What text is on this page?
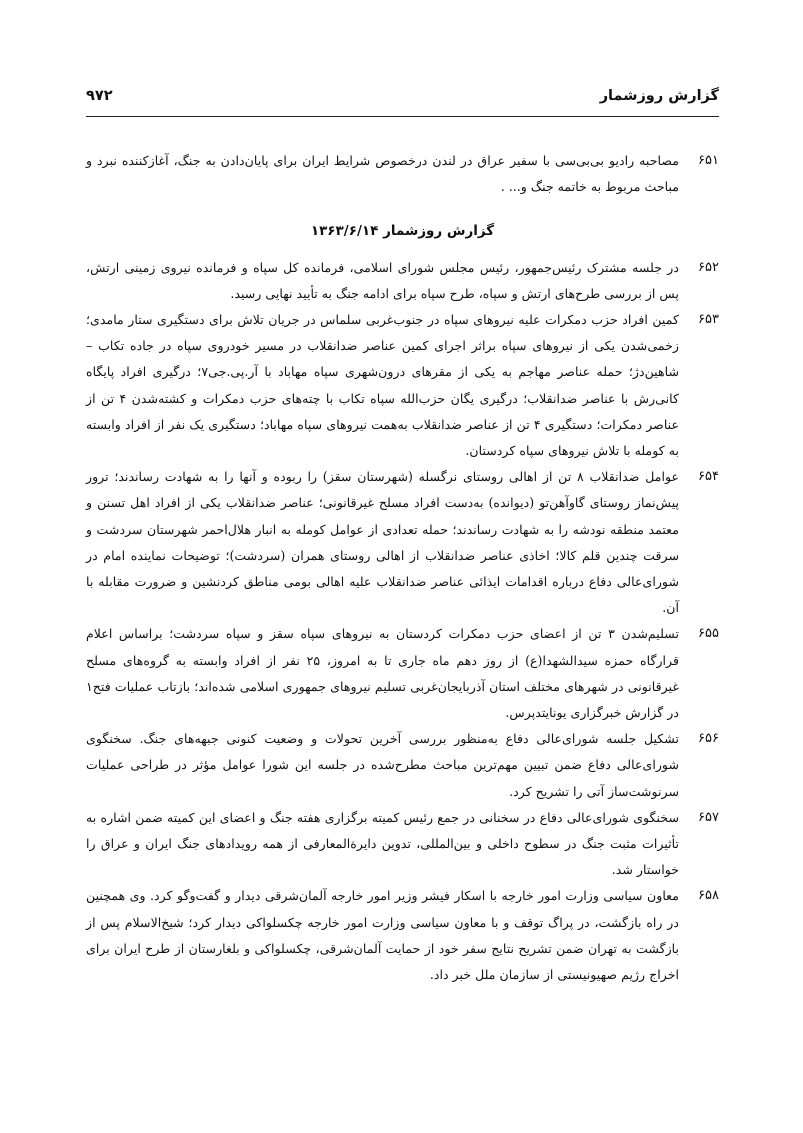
گزارش روزشمار
۹۷۲
۶۵۱
مصاحبه رادیو بی‌بی‌سی با سفیر عراق در لندن درخصوص شرایط ایران برای پایان‌دادن به جنگ، آغازکننده نبرد و مباحث مربوط به خاتمه جنگ و... .
گزارش روزشمار ۱۳۶۳/۶/۱۴
۶۵۲
در جلسه مشترک رئیس‌جمهور، رئیس مجلس شورای اسلامی، فرمانده کل سپاه و فرمانده نیروی زمینی ارتش، پس از بررسی طرح‌های ارتش و سپاه، طرح سپاه برای ادامه جنگ به تأیید نهایی رسید.
۶۵۳
کمین افراد حزب دمکرات علیه نیروهای سپاه در جنوب‌غربی سلماس در جریان تلاش برای دستگیری ستار مامدی؛ زخمی‌شدن یکی از نیروهای سپاه براثر اجرای کمین عناصر ضدانقلاب در مسیر خودروی سپاه در جاده تکاب – شاهین‌دژ؛ حمله عناصر مهاجم به یکی از مقرهای درون‌شهری سپاه مهاباد با آر.پی.جی۷؛ درگیری افراد پایگاه کانی‌رش با عناصر ضدانقلاب؛ درگیری یگان حزب‌الله سپاه تکاب با چته‌های حزب دمکرات و کشته‌شدن ۴ تن از عناصر دمکرات؛ دستگیری ۴ تن از عناصر ضدانقلاب به‌همت نیروهای سپاه مهاباد؛ دستگیری یک نفر از افراد وابسته به کومله با تلاش نیروهای سپاه کردستان.
۶۵۴
عوامل ضدانقلاب ۸ تن از اهالی روستای نرگسله (شهرستان سقز) را ربوده و آنها را به شهادت رساندند؛ ترور پیش‌نماز روستای گاوآهن‌تو (دیوانده) به‌دست افراد مسلح غیرقانونی؛ عناصر ضدانقلاب یکی از افراد اهل تسنن و معتمد منطقه نودشه را به شهادت رساندند؛ حمله تعدادی از عوامل کومله به انبار هلال‌احمر شهرستان سردشت و سرقت چندین قلم کالا؛ اخاذی عناصر ضدانقلاب از اهالی روستای همران (سردشت)؛ توضیحات نماینده امام در شورای‌عالی دفاع درباره اقدامات ایذائی عناصر ضدانقلاب علیه اهالی بومی مناطق کردنشین و ضرورت مقابله با آن.
۶۵۵
تسلیم‌شدن ۳ تن از اعضای حزب دمکرات کردستان به نیروهای سپاه سقز و سپاه سردشت؛ براساس اعلام قرارگاه حمزه سیدالشهدا(ع) از روز دهم ماه جاری تا به امروز، ۲۵ نفر از افراد وابسته به گروه‌های مسلح غیرقانونی در شهرهای مختلف استان آذربایجان‌غربی تسلیم نیروهای جمهوری اسلامی شده‌اند؛ بازتاب عملیات فتح۱ در گزارش خبرگزاری یونایتدپرس.
۶۵۶
تشکیل جلسه شورای‌عالی دفاع به‌منظور بررسی آخرین تحولات و وضعیت کنونی جبهه‌های جنگ. سخنگوی شورای‌عالی دفاع ضمن تبیین مهم‌ترین مباحث مطرح‌شده در جلسه این شورا عوامل مؤثر در طراحی عملیات سرنوشت‌ساز آتی را تشریح کرد.
۶۵۷
سخنگوی شورای‌عالی دفاع در سخنانی در جمع رئیس کمیته برگزاری هفته جنگ و اعضای این کمیته ضمن اشاره به تأثیرات مثبت جنگ در سطوح داخلی و بین‌المللی، تدوین دایرةالمعارفی از همه رویدادهای جنگ ایران و عراق را خواستار شد.
۶۵۸
معاون سیاسی وزارت امور خارجه با اسکار فیشر وزیر امور خارجه آلمان‌شرقی دیدار و گفت‌وگو کرد. وی همچنین در راه بازگشت، در پراگ توقف و با معاون سیاسی وزارت امور خارجه چکسلواکی دیدار کرد؛ شیخ‌الاسلام پس از بازگشت به تهران ضمن تشریح نتایج سفر خود از حمایت آلمان‌شرقی، چکسلواکی و بلغارستان از طرح ایران برای اخراج رژیم صهیونیستی از سازمان ملل خبر داد.
